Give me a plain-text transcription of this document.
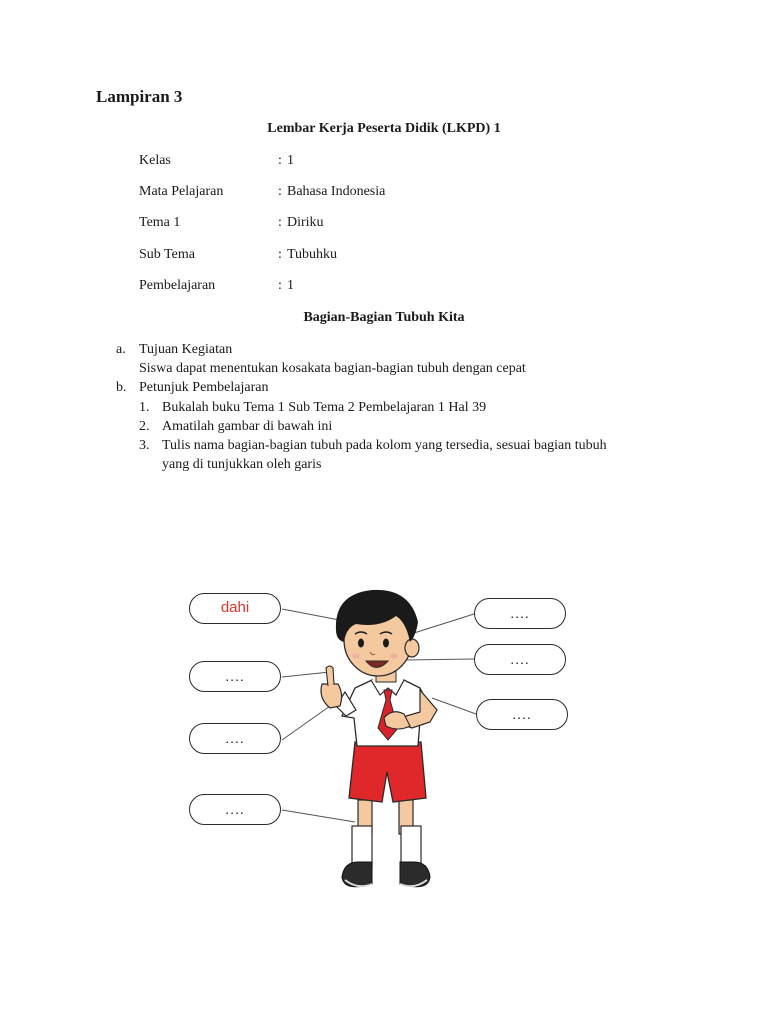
Lampiran 3
Lembar Kerja Peserta Didik (LKPD) 1
Kelas	: 1
Mata Pelajaran	: Bahasa Indonesia
Tema 1	: Diriku
Sub Tema	: Tubuhku
Pembelajaran	: 1
Bagian-Bagian Tubuh Kita
a. Tujuan Kegiatan
Siswa dapat menentukan kosakata bagian-bagian tubuh dengan cepat
b. Petunjuk Pembelajaran
1. Bukalah buku Tema 1 Sub Tema 2 Pembelajaran 1 Hal 39
2. Amatilah gambar di bawah ini
3. Tulis nama bagian-bagian tubuh pada kolom yang tersedia, sesuai bagian tubuh
yang di tunjukkan oleh garis
dahi
....
....
....
....
....
....
